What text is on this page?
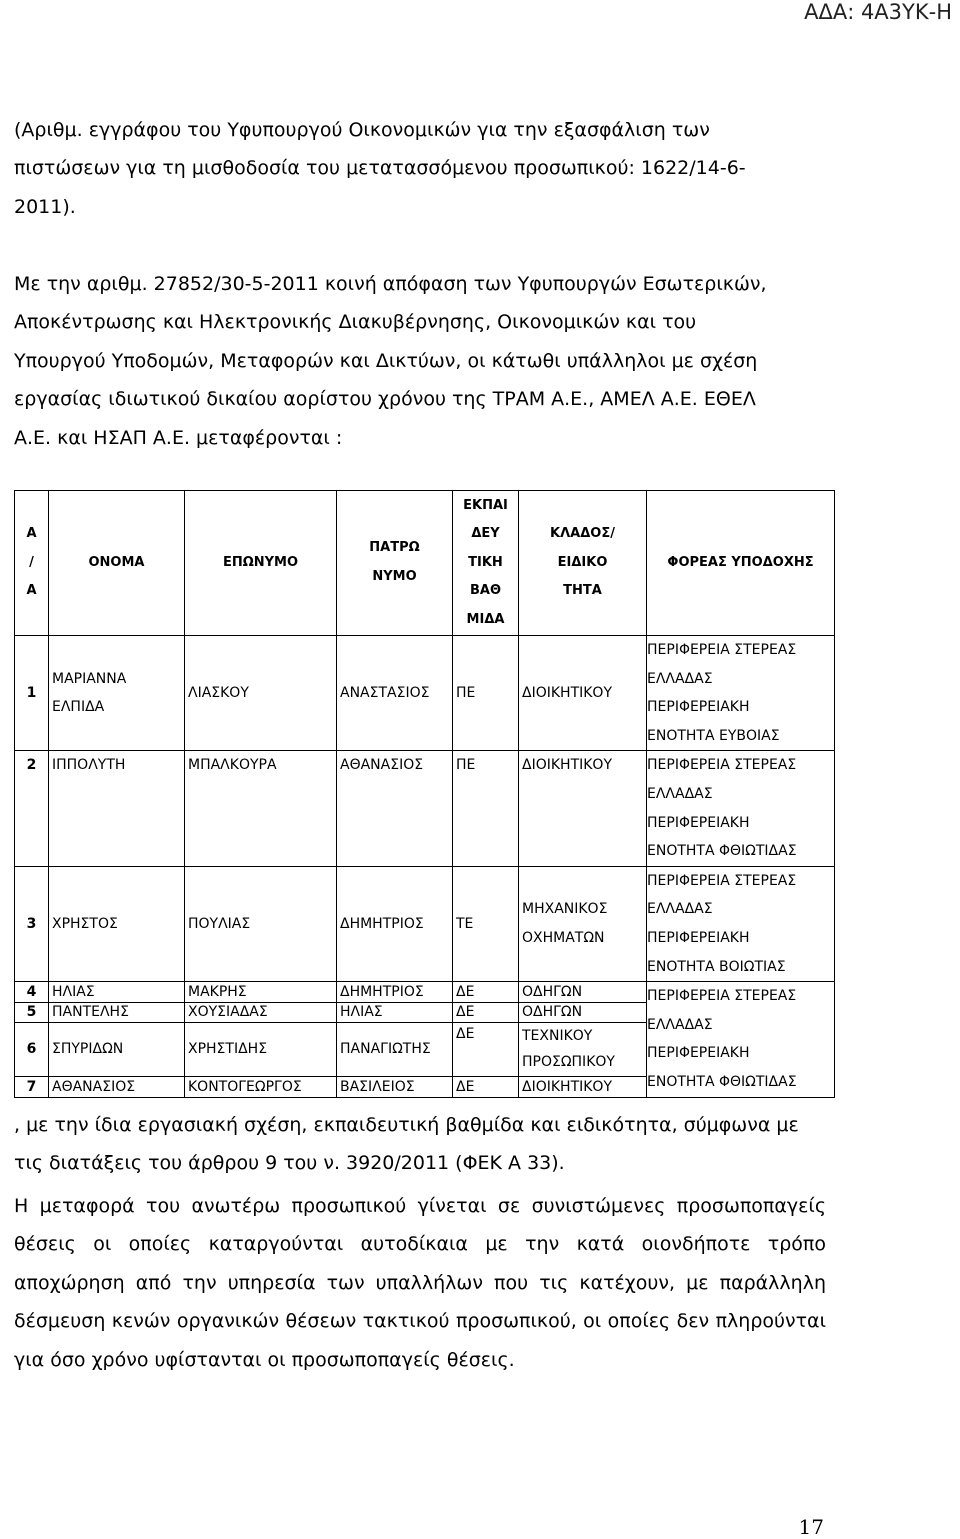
ΑΔΑ: 4Α3ΥΚ-Η
(Αριθμ. εγγράφου του Υφυπουργού Οικονομικών για την εξασφάλιση των
πιστώσεων για τη μισθοδοσία του μετατασσόμενου προσωπικού: 1622/14-6-
2011).
Με την αριθμ. 27852/30-5-2011 κοινή απόφαση των Υφυπουργών Εσωτερικών,
Αποκέντρωσης και Ηλεκτρονικής Διακυβέρνησης, Οικονομικών και του
Υπουργού Υποδομών, Μεταφορών και Δικτύων, οι κάτωθι υπάλληλοι με σχέση
εργασίας ιδιωτικού δικαίου αορίστου χρόνου της ΤΡΑΜ Α.Ε., ΑΜΕΛ Α.Ε. ΕΘΕΛ
Α.Ε. και ΗΣΑΠ Α.Ε. μεταφέρονται :
Α
/
Α	ΟΝΟΜΑ	ΕΠΩΝΥΜΟ	ΠΑΤΡΩ
ΝΥΜΟ	ΕΚΠΑΙ
ΔΕΥ
ΤΙΚΗ
ΒΑΘ
ΜΙΔΑ	ΚΛΑΔΟΣ/
ΕΙΔΙΚΟ
ΤΗΤΑ	ΦΟΡΕΑΣ ΥΠΟΔΟΧΗΣ
1	ΜΑΡΙΑΝΝΑ
ΕΛΠΙΔΑ	ΛΙΑΣΚΟΥ	ΑΝΑΣΤΑΣΙΟΣ	ΠΕ	ΔΙΟΙΚΗΤΙΚΟΥ	ΠΕΡΙΦΕΡΕΙΑ ΣΤΕΡΕΑΣ
ΕΛΛΑΔΑΣ
ΠΕΡΙΦΕΡΕΙΑΚΗ
ΕΝΟΤΗΤΑ ΕΥΒΟΙΑΣ

2	ΙΠΠΟΛΥΤΗ	ΜΠΑΛΚΟΥΡΑ	ΑΘΑΝΑΣΙΟΣ	ΠΕ	ΔΙΟΙΚΗΤΙΚΟΥ	ΠΕΡΙΦΕΡΕΙΑ ΣΤΕΡΕΑΣ
ΕΛΛΑΔΑΣ
ΠΕΡΙΦΕΡΕΙΑΚΗ
ΕΝΟΤΗΤΑ ΦΘΙΩΤΙΔΑΣ

3	ΧΡΗΣΤΟΣ	ΠΟΥΛΙΑΣ	ΔΗΜΗΤΡΙΟΣ	ΤΕ	ΜΗΧΑΝΙΚΟΣ
ΟΧΗΜΑΤΩΝ	ΠΕΡΙΦΕΡΕΙΑ ΣΤΕΡΕΑΣ
ΕΛΛΑΔΑΣ
ΠΕΡΙΦΕΡΕΙΑΚΗ
ΕΝΟΤΗΤΑ ΒΟΙΩΤΙΑΣ

4	ΗΛΙΑΣ	ΜΑΚΡΗΣ	ΔΗΜΗΤΡΙΟΣ	ΔΕ	ΟΔΗΓΩΝ	ΠΕΡΙΦΕΡΕΙΑ ΣΤΕΡΕΑΣ
ΕΛΛΑΔΑΣ
ΠΕΡΙΦΕΡΕΙΑΚΗ
ΕΝΟΤΗΤΑ ΦΘΙΩΤΙΔΑΣ

5	ΠΑΝΤΕΛΗΣ	ΧΟΥΣΙΑΔΑΣ	ΗΛΙΑΣ	ΔΕ	ΟΔΗΓΩΝ	
6	ΣΠΥΡΙΔΩΝ	ΧΡΗΣΤΙΔΗΣ	ΠΑΝΑΓΙΩΤΗΣ	ΔΕ	ΤΕΧΝΙΚΟΥ
ΠΡΟΣΩΠΙΚΟΥ	

7	ΑΘΑΝΑΣΙΟΣ	ΚΟΝΤΟΓΕΩΡΓΟΣ	ΒΑΣΙΛΕΙΟΣ	ΔΕ	ΔΙΟΙΚΗΤΙΚΟΥ	
, με την ίδια εργασιακή σχέση, εκπαιδευτική βαθμίδα και ειδικότητα, σύμφωνα με
τις διατάξεις του άρθρου 9 του ν. 3920/2011 (ΦΕΚ Α 33).
Η μεταφορά του ανωτέρω προσωπικού γίνεται σε συνιστώμενες προσωποπαγείς θέσεις οι οποίες καταργούνται αυτοδίκαια με την κατά οιονδήποτε τρόπο αποχώρηση από την υπηρεσία των υπαλλήλων που τις κατέχουν, με παράλληλη δέσμευση κενών οργανικών θέσεων τακτικού προσωπικού, οι οποίες δεν πληρούνται για όσο χρόνο υφίστανται οι προσωποπαγείς θέσεις.
17
